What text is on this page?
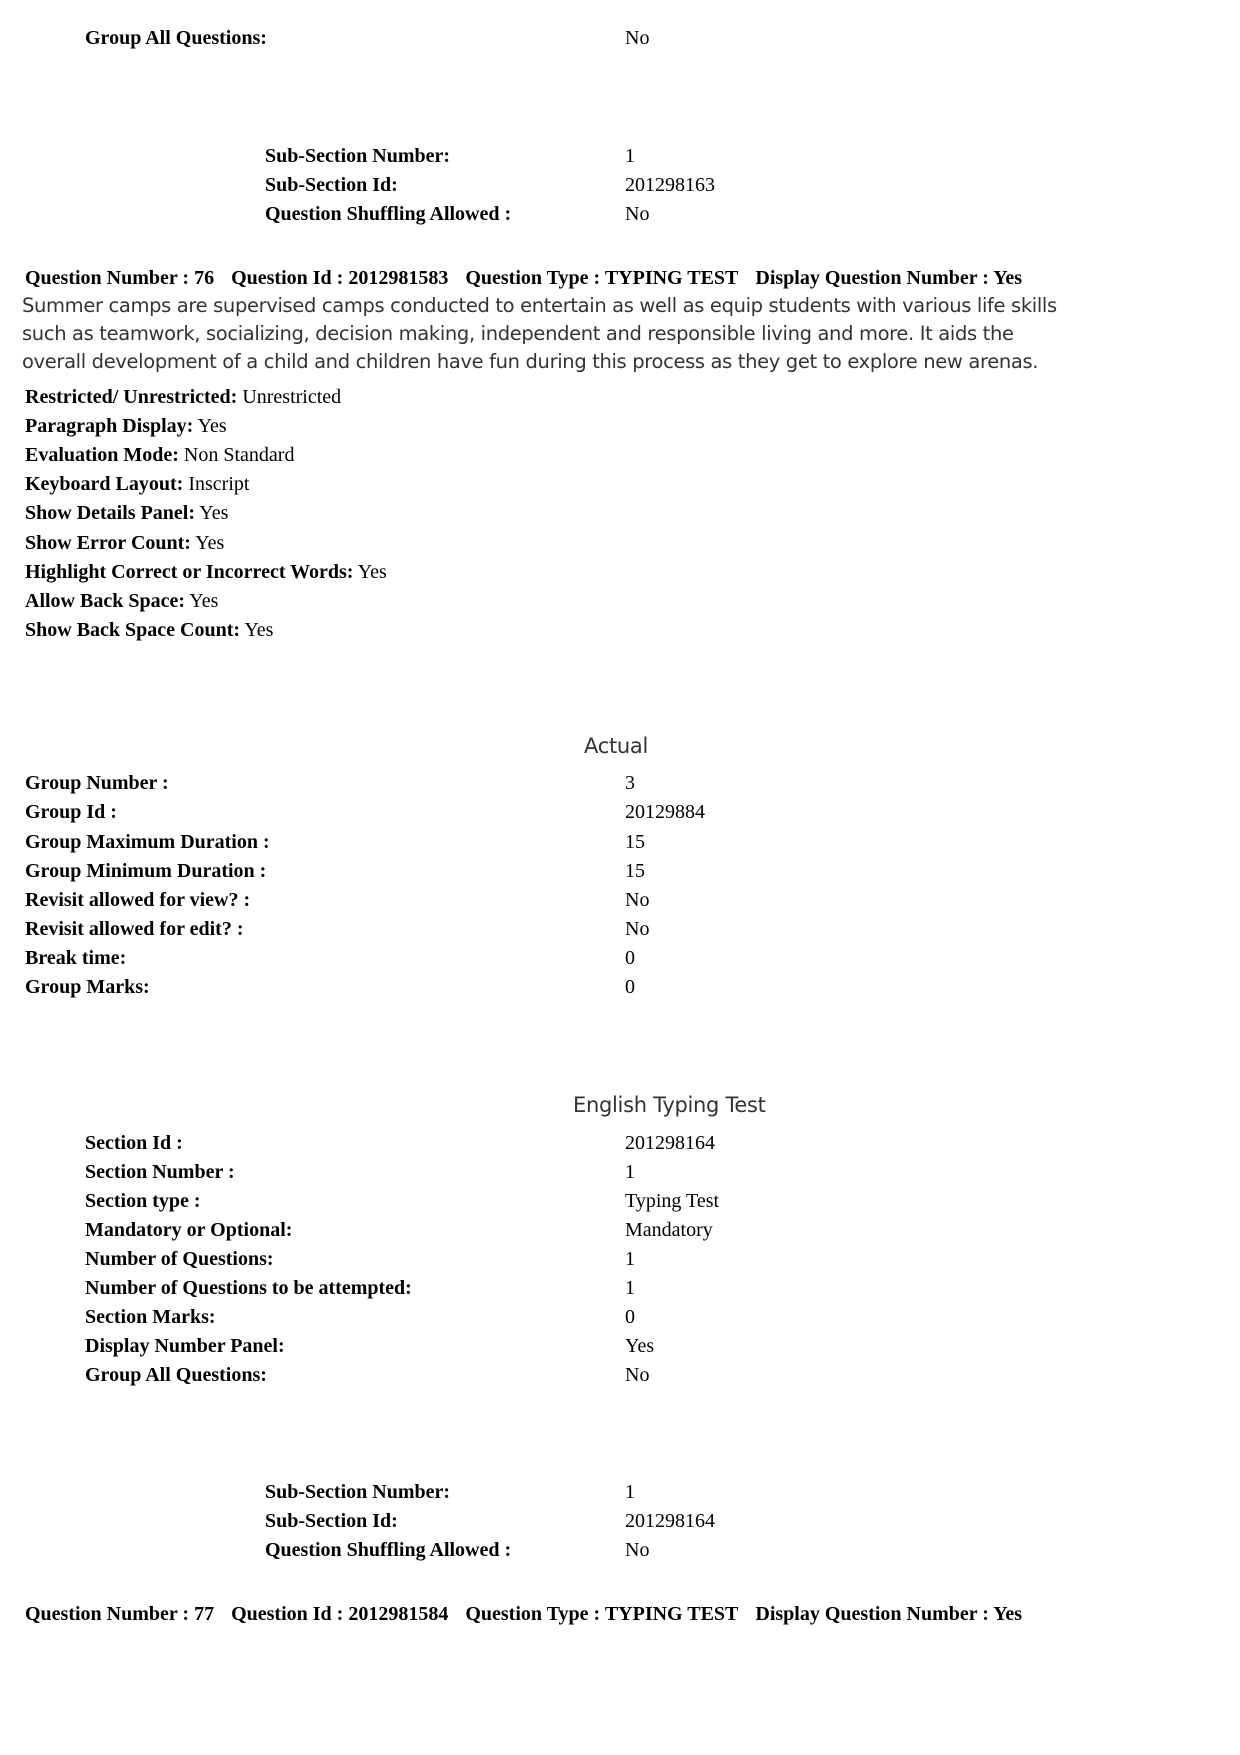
Group All Questions:	No
Sub-Section Number:	1
Sub-Section Id:	201298163
Question Shuffling Allowed :	No
Question Number : 76 Question Id : 2012981583 Question Type : TYPING TEST Display Question Number : Yes
Summer camps are supervised camps conducted to entertain as well as equip students with various life skills
such as teamwork, socializing, decision making, independent and responsible living and more. It aids the
overall development of a child and children have fun during this process as they get to explore new arenas.
Restricted/ Unrestricted: Unrestricted
Paragraph Display: Yes
Evaluation Mode: Non Standard
Keyboard Layout: Inscript
Show Details Panel: Yes
Show Error Count: Yes
Highlight Correct or Incorrect Words: Yes
Allow Back Space: Yes
Show Back Space Count: Yes
Actual
Group Number :	3
Group Id :	20129884
Group Maximum Duration :	15
Group Minimum Duration :	15
Revisit allowed for view? :	No
Revisit allowed for edit? :	No
Break time:	0
Group Marks:	0
English Typing Test
Section Id :	201298164
Section Number :	1
Section type :	Typing Test
Mandatory or Optional:	Mandatory
Number of Questions:	1
Number of Questions to be attempted:	1
Section Marks:	0
Display Number Panel:	Yes
Group All Questions:	No
Sub-Section Number:	1
Sub-Section Id:	201298164
Question Shuffling Allowed :	No
Question Number : 77 Question Id : 2012981584 Question Type : TYPING TEST Display Question Number : Yes
